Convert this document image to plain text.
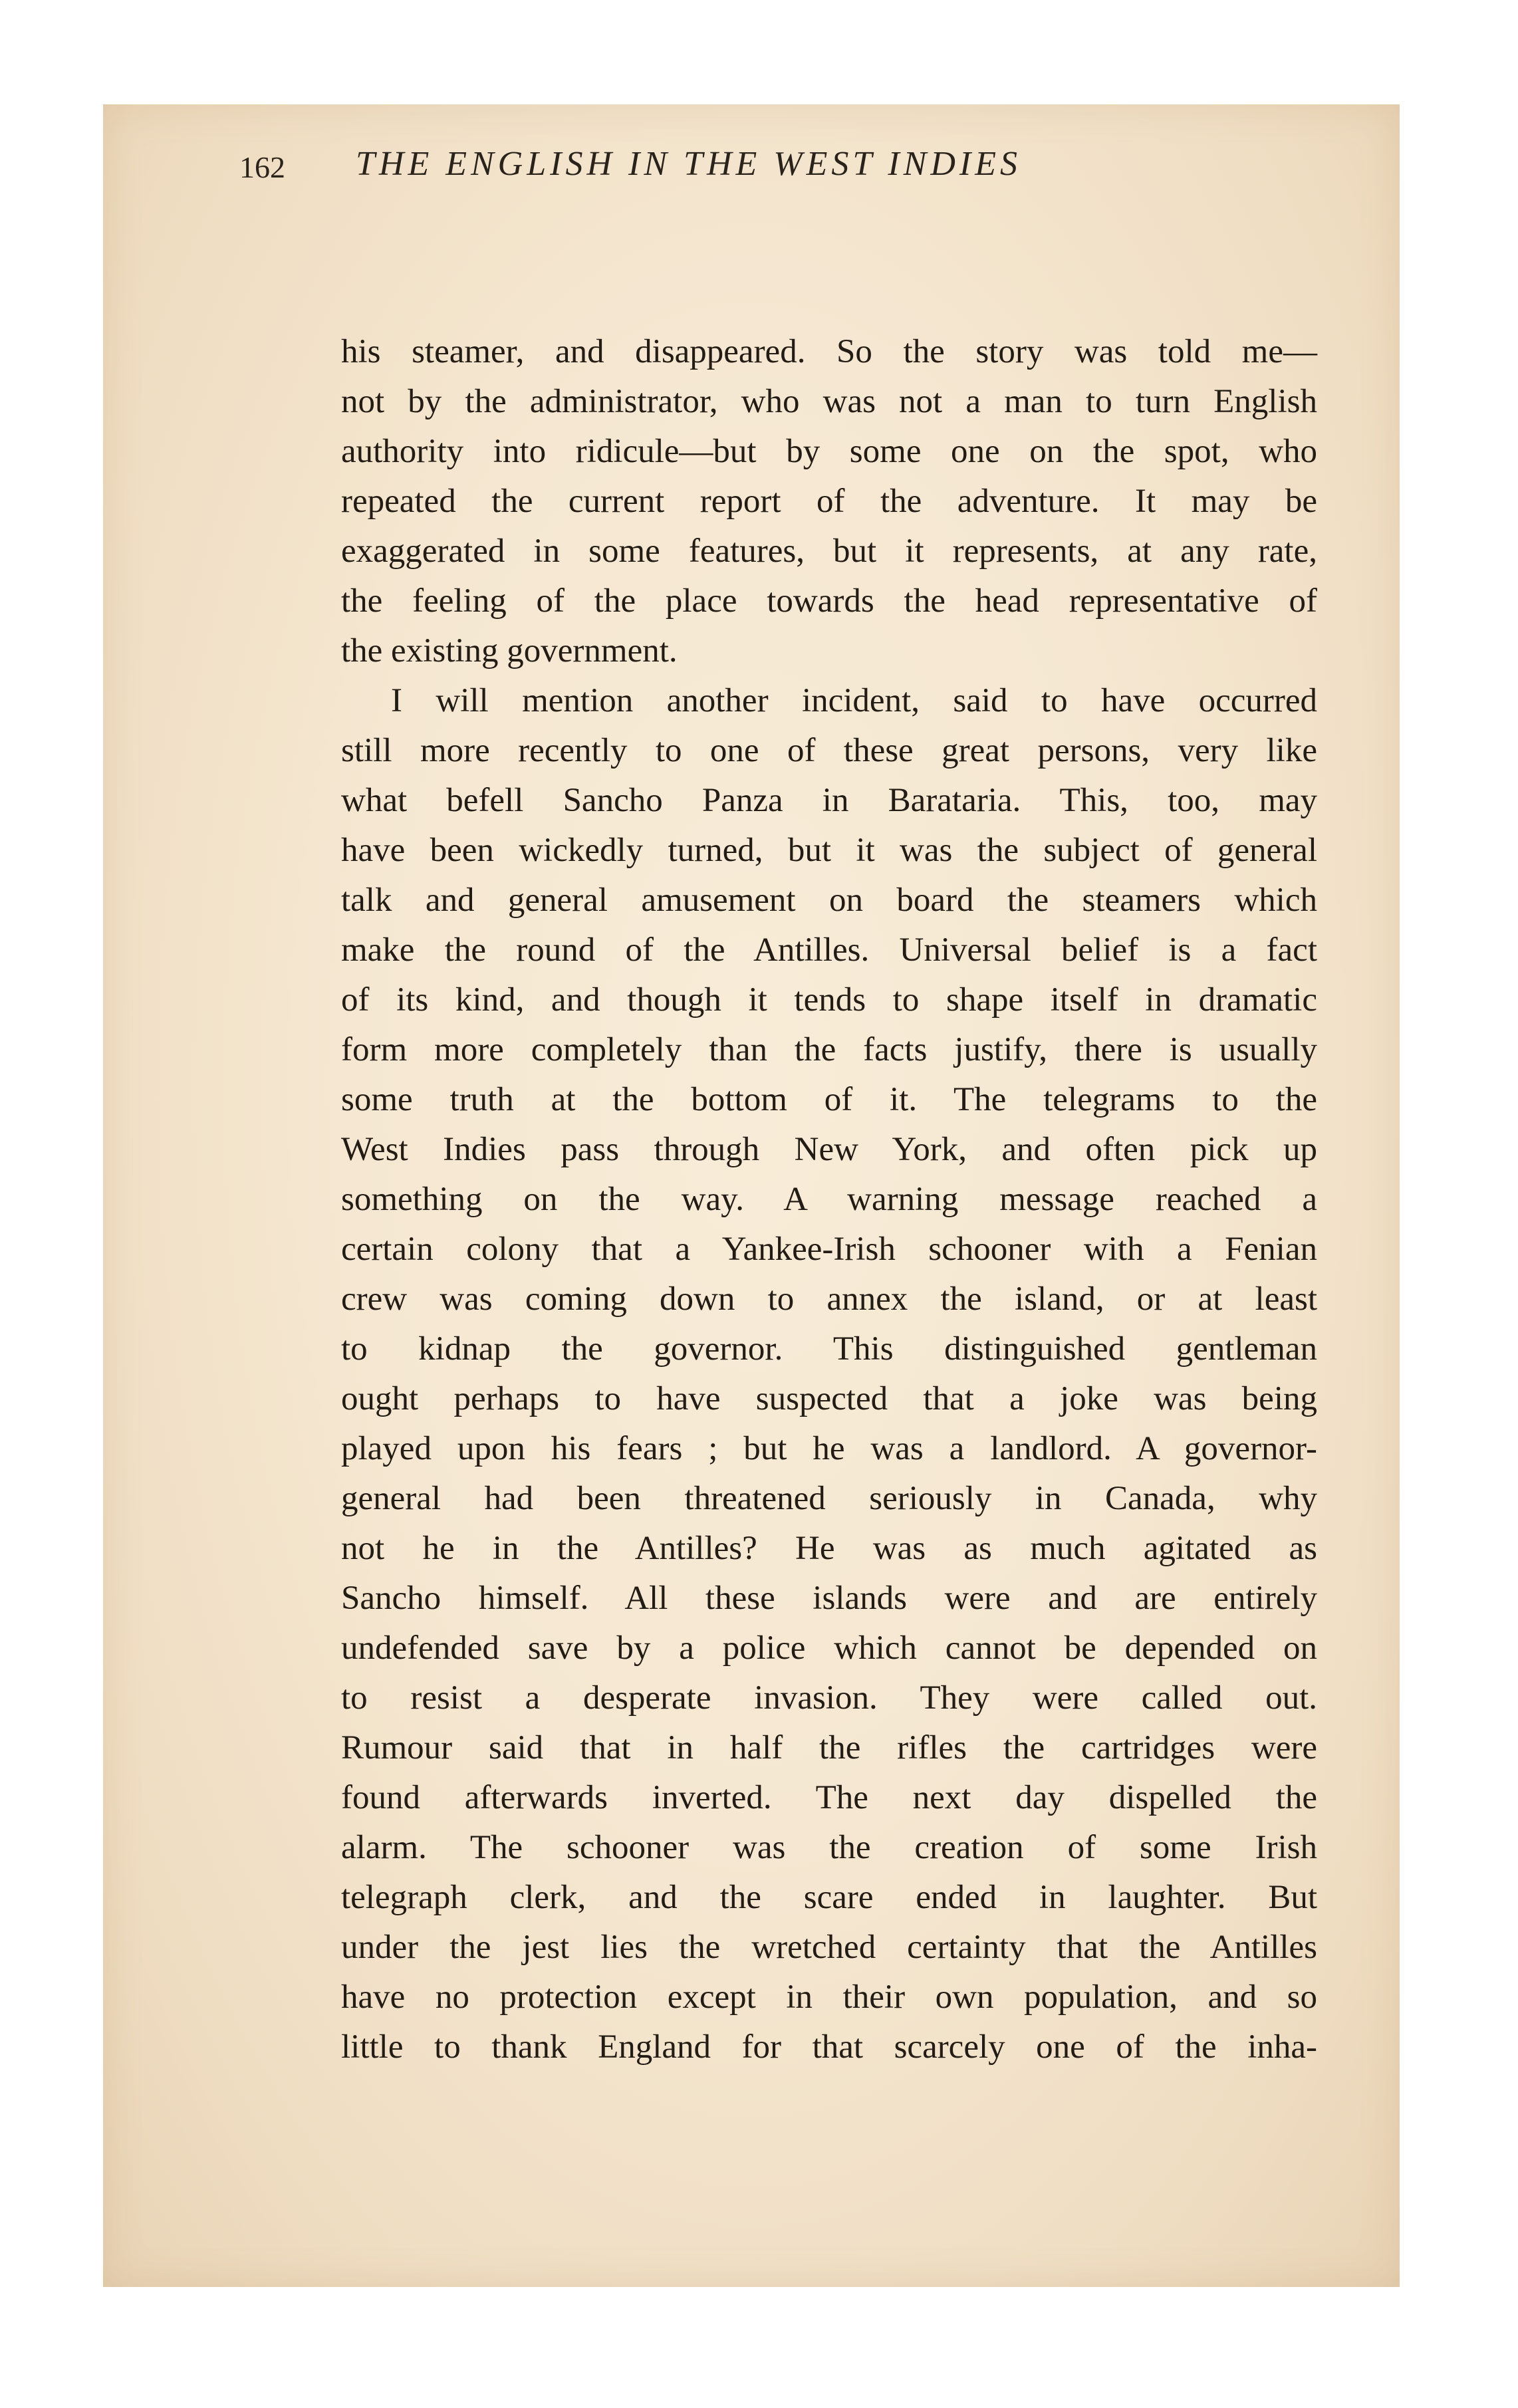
162 THE ENGLISH IN THE WEST INDIES
his steamer, and disappeared. So the story was told me—
not by the administrator, who was not a man to turn English
authority into ridicule—but by some one on the spot, who
repeated the current report of the adventure. It may be
exaggerated in some features, but it represents, at any rate,
the feeling of the place towards the head representative of
the existing government.
I will mention another incident, said to have occurred
still more recently to one of these great persons, very like
what befell Sancho Panza in Barataria. This, too, may
have been wickedly turned, but it was the subject of general
talk and general amusement on board the steamers which
make the round of the Antilles. Universal belief is a fact
of its kind, and though it tends to shape itself in dramatic
form more completely than the facts justify, there is usually
some truth at the bottom of it. The telegrams to the
West Indies pass through New York, and often pick up
something on the way. A warning message reached a
certain colony that a Yankee-Irish schooner with a Fenian
crew was coming down to annex the island, or at least
to kidnap the governor. This distinguished gentleman
ought perhaps to have suspected that a joke was being
played upon his fears ; but he was a landlord. A governor-
general had been threatened seriously in Canada, why
not he in the Antilles? He was as much agitated as
Sancho himself. All these islands were and are entirely
undefended save by a police which cannot be depended on
to resist a desperate invasion. They were called out.
Rumour said that in half the rifles the cartridges were
found afterwards inverted. The next day dispelled the
alarm. The schooner was the creation of some Irish
telegraph clerk, and the scare ended in laughter. But
under the jest lies the wretched certainty that the Antilles
have no protection except in their own population, and so
little to thank England for that scarcely one of the inha-
